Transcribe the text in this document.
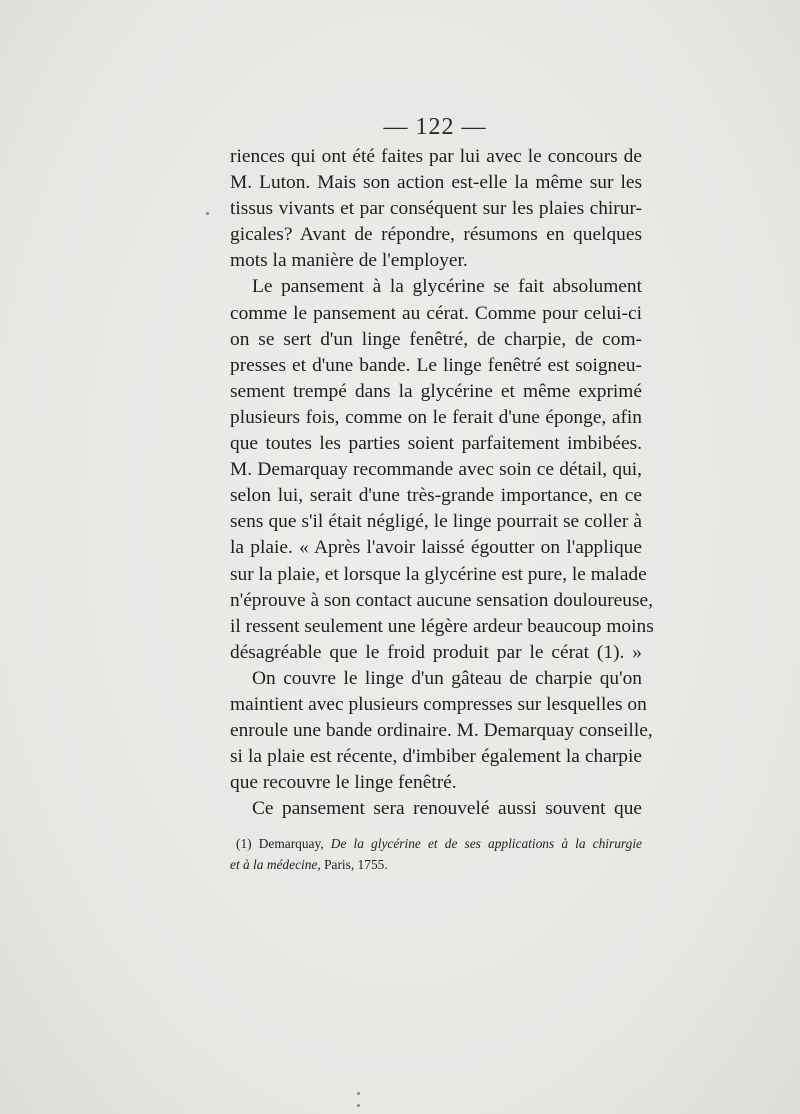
— 122 —
riences qui ont été faites par lui avec le concours de
M. Luton. Mais son action est-elle la même sur les
tissus vivants et par conséquent sur les plaies chirur-
gicales? Avant de répondre, résumons en quelques
mots la manière de l'employer.
Le pansement à la glycérine se fait absolument
comme le pansement au cérat. Comme pour celui-ci
on se sert d'un linge fenêtré, de charpie, de com-
presses et d'une bande. Le linge fenêtré est soigneu-
sement trempé dans la glycérine et même exprimé
plusieurs fois, comme on le ferait d'une éponge, afin
que toutes les parties soient parfaitement imbibées.
M. Demarquay recommande avec soin ce détail, qui,
selon lui, serait d'une très-grande importance, en ce
sens que s'il était négligé, le linge pourrait se coller à
la plaie. « Après l'avoir laissé égoutter on l'applique
sur la plaie, et lorsque la glycérine est pure, le malade
n'éprouve à son contact aucune sensation douloureuse,
il ressent seulement une légère ardeur beaucoup moins
désagréable que le froid produit par le cérat (1). »
On couvre le linge d'un gâteau de charpie qu'on
maintient avec plusieurs compresses sur lesquelles on
enroule une bande ordinaire. M. Demarquay conseille,
si la plaie est récente, d'imbiber également la charpie
que recouvre le linge fenêtré.
Ce pansement sera renouvelé aussi souvent que
(1) Demarquay, De la glycérine et de ses applications à la chirurgie
et à la médecine, Paris, 1755.
